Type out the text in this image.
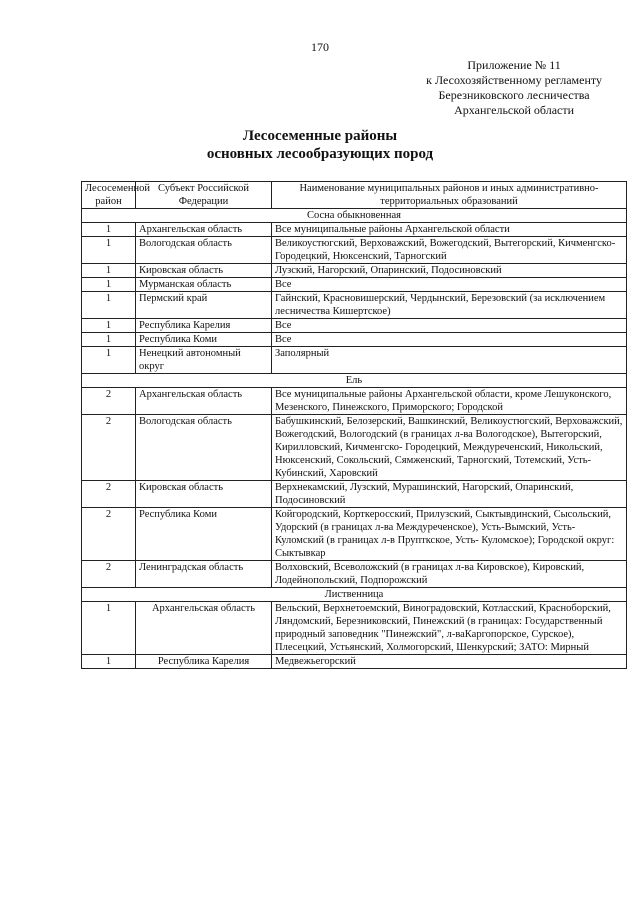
170
Приложение № 11
к Лесохозяйственному регламенту
Березниковского лесничества
Архангельской области
Лесосеменные районы
основных лесообразующих пород
Лесосеменной район	Субъект Российской Федерации	Наименование муниципальных районов и иных административно-территориальных образований
Сосна обыкновенная		
1	Архангельская область	Все муниципальные районы Архангельской области
1	Вологодская область	Великоустюгский, Верховажский, Вожегодский, Вытегорский, Кичменгско-Городецкий, Нюксенский, Тарногский
1	Кировская область	Лузский, Нагорский, Опаринский, Подосиновский
1	Мурманская область	Все
1	Пермский край	Гайнский, Красновишерский, Чердынский, Березовский (за исключением лесничества Кишертское)
1	Республика Карелия	Все
1	Республика Коми	Все
1	Ненецкий автономный округ	Заполярный
Ель		
2	Архангельская область	Все муниципальные районы Архангельской области, кроме Лешуконского, Мезенского, Пинежского, Приморского; Городской
2	Вологодская область	Бабушкинский, Белозерский, Вашкинский, Великоустюгский, Верховажский, Вожегодский, Вологодский (в границах л-ва Вологодское), Вытегорский, Кирилловский, Кичменгско- Городецкий, Междуреченский, Никольский, Нюксенский, Сокольский, Сямженский, Тарногский, Тотемский, Усть- Кубинский, Харовский
2	Кировская область	Верхнекамский, Лузский, Мурашинский, Нагорский, Опаринский, Подосиновский
2	Республика Коми	Койгородский, Корткеросский, Прилузский, Сыктывдинский, Сысольский, Удорский (в границах л-ва Междуреченское), Усть-Вымский, Усть-Куломский (в границах л-в Прупткское, Усть- Куломское); Городской округ: Сыктывкар
2	Ленинградская область	Волховский, Всеволожский (в границах л-ва Кировское), Кировский, Лодейнопольский, Подпорожский
Лиственница		
1	Архангельская область	Вельский, Верхнетоемский, Виноградовский, Котласский, Красноборский, Ляндомский, Березниковский, Пинежский (в границах: Государственный природный заповедник "Пинежский", л-ваКаргопорское, Сурское), Плесецкий, Устьянский, Холмогорский, Шенкурский; ЗАТО: Мирный
1	Республика Карелия	Медвежьегорский
